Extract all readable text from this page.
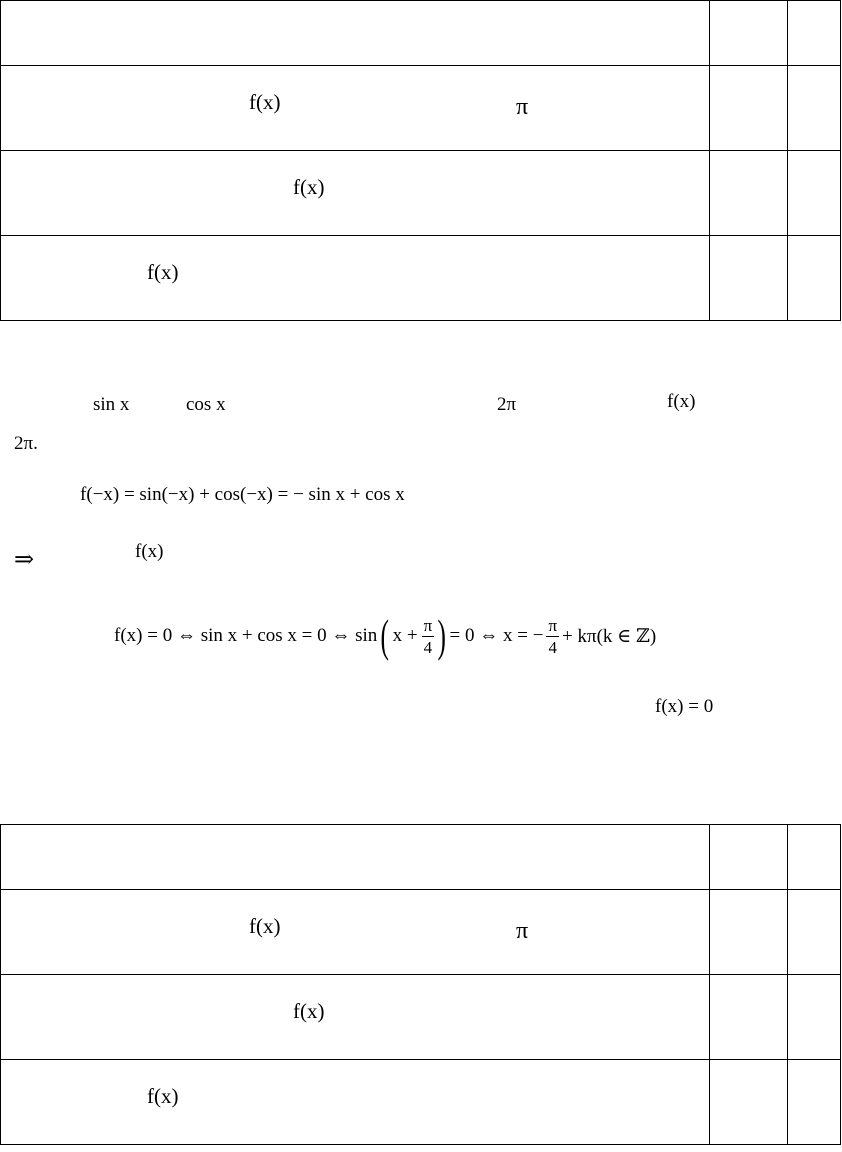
f(x) π		

f(x)		

f(x)		

sin x	cos x	2π	f(x)
2π.
f(−x) = sin(−x) + cos(−x) = − sin x + cos x
⇒	f(x)
f(x) = 0 ⇔ sin x + cos x = 0 ⇔ sin ( $x + \frac{\pi}{4}$ ) = 0 ⇔ x = − $\frac{\pi}{4} + k\pi(k$ ∈ ℤ)
f(x) = 0

f(x) π		

f(x)		

f(x)		
